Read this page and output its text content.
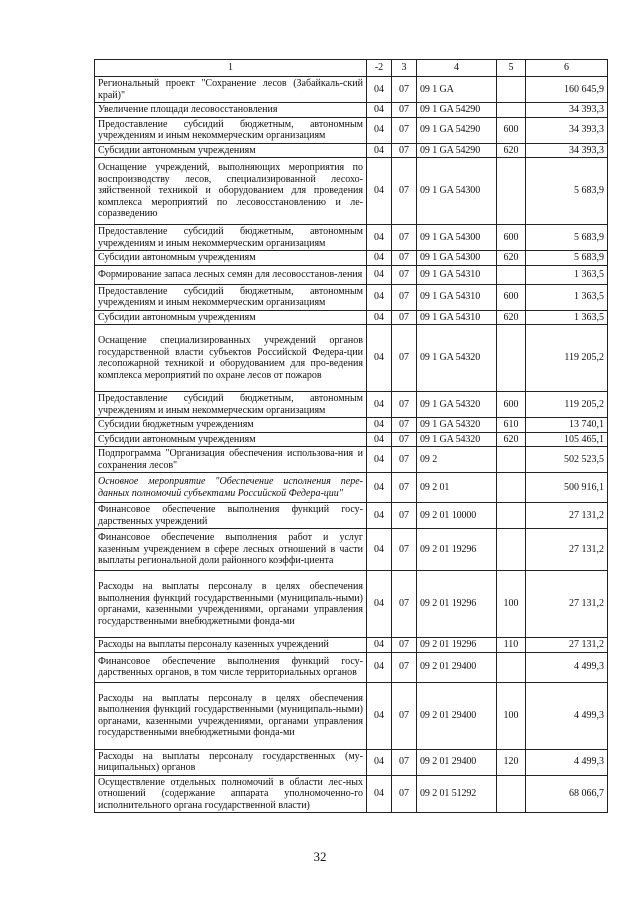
1	-2	3	4	5	6
Региональный проект "Сохранение лесов (Забайкаль-ский край)"	04	07	09 1 GA		160 645,9
Увеличение площади лесовосстановления	04	07	09 1 GA 54290		34 393,3
Предоставление субсидий бюджетным, автономным учреждениям и иным некоммерческим организациям	04	07	09 1 GA 54290	600	34 393,3
Субсидии автономным учреждениям	04	07	09 1 GA 54290	620	34 393,3
Оснащение учреждений, выполняющих мероприятия по воспроизводству лесов, специализированной лесохо-зяйственной техникой и оборудованием для проведения комплекса мероприятий по лесовосстановлению и ле-соразведению	04	07	09 1 GA 54300		5 683,9
Предоставление субсидий бюджетным, автономным учреждениям и иным некоммерческим организациям	04	07	09 1 GA 54300	600	5 683,9
Субсидии автономным учреждениям	04	07	09 1 GA 54300	620	5 683,9
Формирование запаса лесных семян для лесовосстанов-ления	04	07	09 1 GA 54310		1 363,5
Предоставление субсидий бюджетным, автономным учреждениям и иным некоммерческим организациям	04	07	09 1 GA 54310	600	1 363,5
Субсидии автономным учреждениям	04	07	09 1 GA 54310	620	1 363,5
Оснащение специализированных учреждений органов государственной власти субъектов Российской Федера-ции лесопожарной техникой и оборудованием для про-ведения комплекса мероприятий по охране лесов от пожаров	04	07	09 1 GA 54320		119 205,2
Предоставление субсидий бюджетным, автономным учреждениям и иным некоммерческим организациям	04	07	09 1 GA 54320	600	119 205,2
Субсидии бюджетным учреждениям	04	07	09 1 GA 54320	610	13 740,1
Субсидии автономным учреждениям	04	07	09 1 GA 54320	620	105 465,1
Подпрограмма "Организация обеспечения использова-ния и сохранения лесов"	04	07	09 2		502 523,5
Основное мероприятие "Обеспечение исполнения пере-данных полномочий субъектами Российской Федера-ции"	04	07	09 2 01		500 916,1
Финансовое обеспечение выполнения функций госу-дарственных учреждений	04	07	09 2 01 10000		27 131,2
Финансовое обеспечение выполнения работ и услуг казенным учреждением в сфере лесных отношений в части выплаты региональной доли районного коэффи-циента	04	07	09 2 01 19296		27 131,2
Расходы на выплаты персоналу в целях обеспечения выполнения функций государственными (муниципаль-ными) органами, казенными учреждениями, органами управления государственными внебюджетными фонда-ми	04	07	09 2 01 19296	100	27 131,2
Расходы на выплаты персоналу казенных учреждений	04	07	09 2 01 19296	110	27 131,2
Финансовое обеспечение выполнения функций госу-дарственных органов, в том числе территориальных органов	04	07	09 2 01 29400		4 499,3
Расходы на выплаты персоналу в целях обеспечения выполнения функций государственными (муниципаль-ными) органами, казенными учреждениями, органами управления государственными внебюджетными фонда-ми	04	07	09 2 01 29400	100	4 499,3
Расходы на выплаты персоналу государственных (му-ниципальных) органов	04	07	09 2 01 29400	120	4 499,3
Осуществление отдельных полномочий в области лес-ных отношений (содержание аппарата уполномоченно-го исполнительного органа государственной власти)	04	07	09 2 01 51292		68 066,7
32
